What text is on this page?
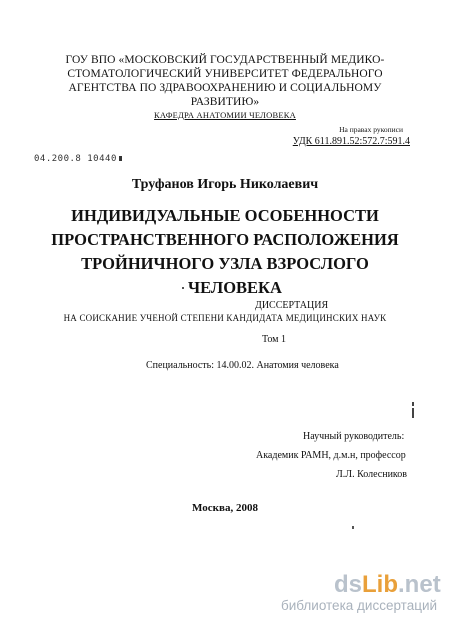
ГОУ ВПО «МОСКОВСКИЙ ГОСУДАРСТВЕННЫЙ МЕДИКО-
СТОМАТОЛОГИЧЕСКИЙ УНИВЕРСИТЕТ ФЕДЕРАЛЬНОГО
АГЕНТСТВА ПО ЗДРАВООХРАНЕНИЮ И СОЦИАЛЬНОМУ
РАЗВИТИЮ»
КАФЕДРА АНАТОМИИ ЧЕЛОВЕКА
На правах рукописи
УДК 611.891.52:572.7:591.4
04.200.8 10440
Труфанов Игорь Николаевич
ИНДИВИДУАЛЬНЫЕ ОСОБЕННОСТИ
ПРОСТРАНСТВЕННОГО РАСПОЛОЖЕНИЯ
ТРОЙНИЧНОГО УЗЛА ВЗРОСЛОГО
ЧЕЛОВЕКА
ДИССЕРТАЦИЯ
НА СОИСКАНИЕ УЧЕНОЙ СТЕПЕНИ КАНДИДАТА МЕДИЦИНСКИХ НАУК
Том 1
Специальность: 14.00.02. Анатомия человека
Научный руководитель:
Академик РАМН, д.м.н, профессор
Л.Л. Колесников
Москва, 2008
dsLib.net
библиотека диссертаций
